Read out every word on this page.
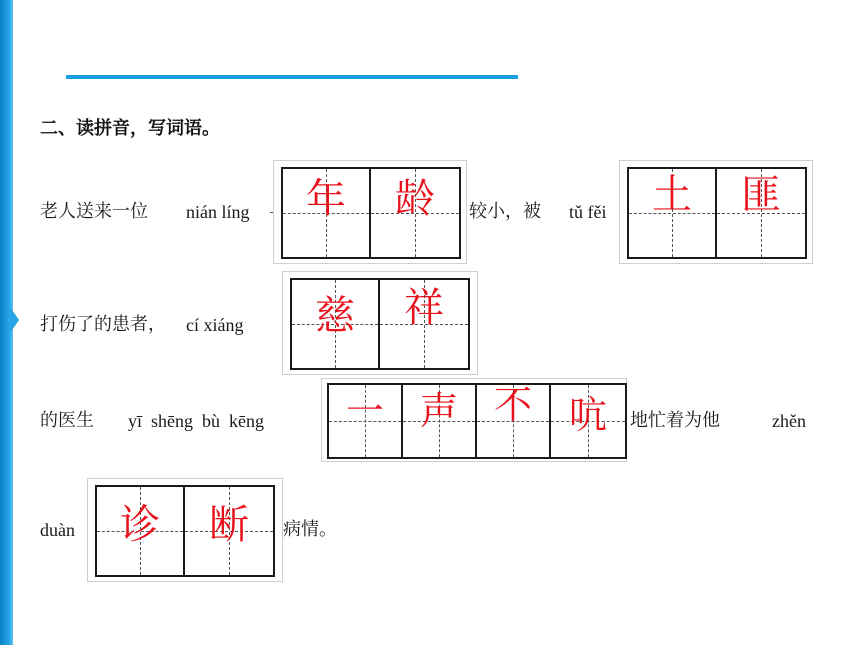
二、读拼音，写词语。
老人送来一位 nián líng	年	龄	较小，被 tǔ fěi	土	匪
打伤了的患者， cí xiáng	慈	祥
的医生 yī  shēng  bù  kēng	一 声 不 吭	地忙着为他	zhěn
duàn	诊	断	病情。
